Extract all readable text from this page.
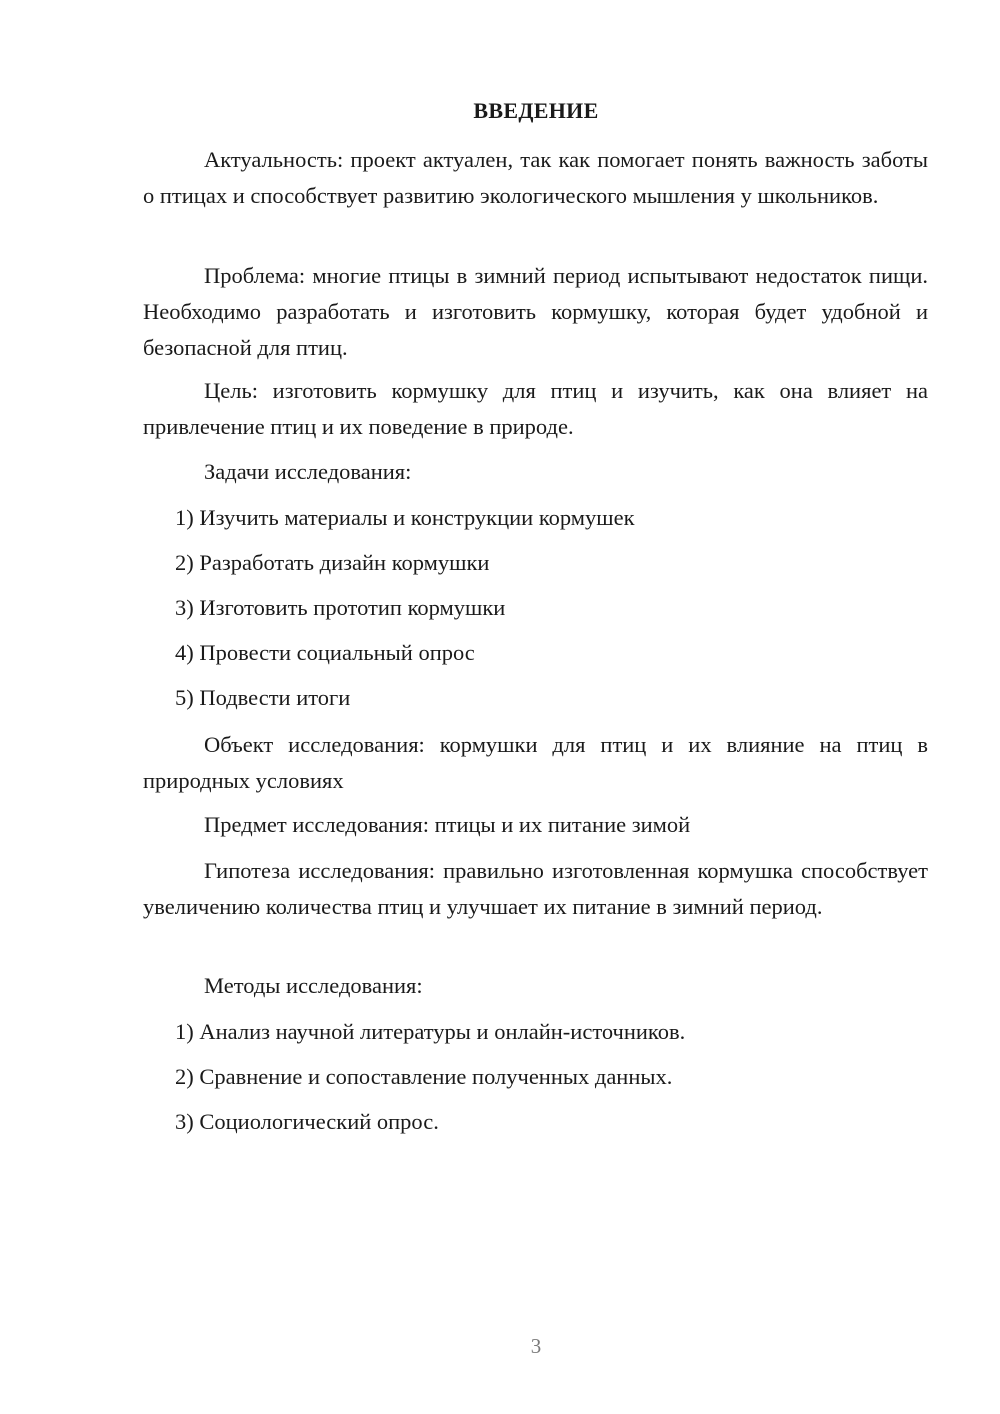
ВВЕДЕНИЕ

Актуальность: проект актуален, так как помогает понять важность заботы о птицах и способствует развитию экологического мышления у школьников.

Проблема: многие птицы в зимний период испытывают недостаток пищи. Необходимо разработать и изготовить кормушку, которая будет удобной и безопасной для птиц.

Цель: изготовить кормушку для птиц и изучить, как она влияет на привлечение птиц и их поведение в природе.

Задачи исследования:

1) Изучить материалы и конструкции кормушек

2) Разработать дизайн кормушки

3) Изготовить прототип кормушки

4) Провести социальный опрос

5) Подвести итоги

Объект исследования: кормушки для птиц и их влияние на птиц в природных условиях

Предмет исследования: птицы и их питание зимой

Гипотеза исследования: правильно изготовленная кормушка способствует увеличению количества птиц и улучшает их питание в зимний период.

Методы исследования:

1) Анализ научной литературы и онлайн-источников.

2) Сравнение и сопоставление полученных данных.

3) Социологический опрос.

3
